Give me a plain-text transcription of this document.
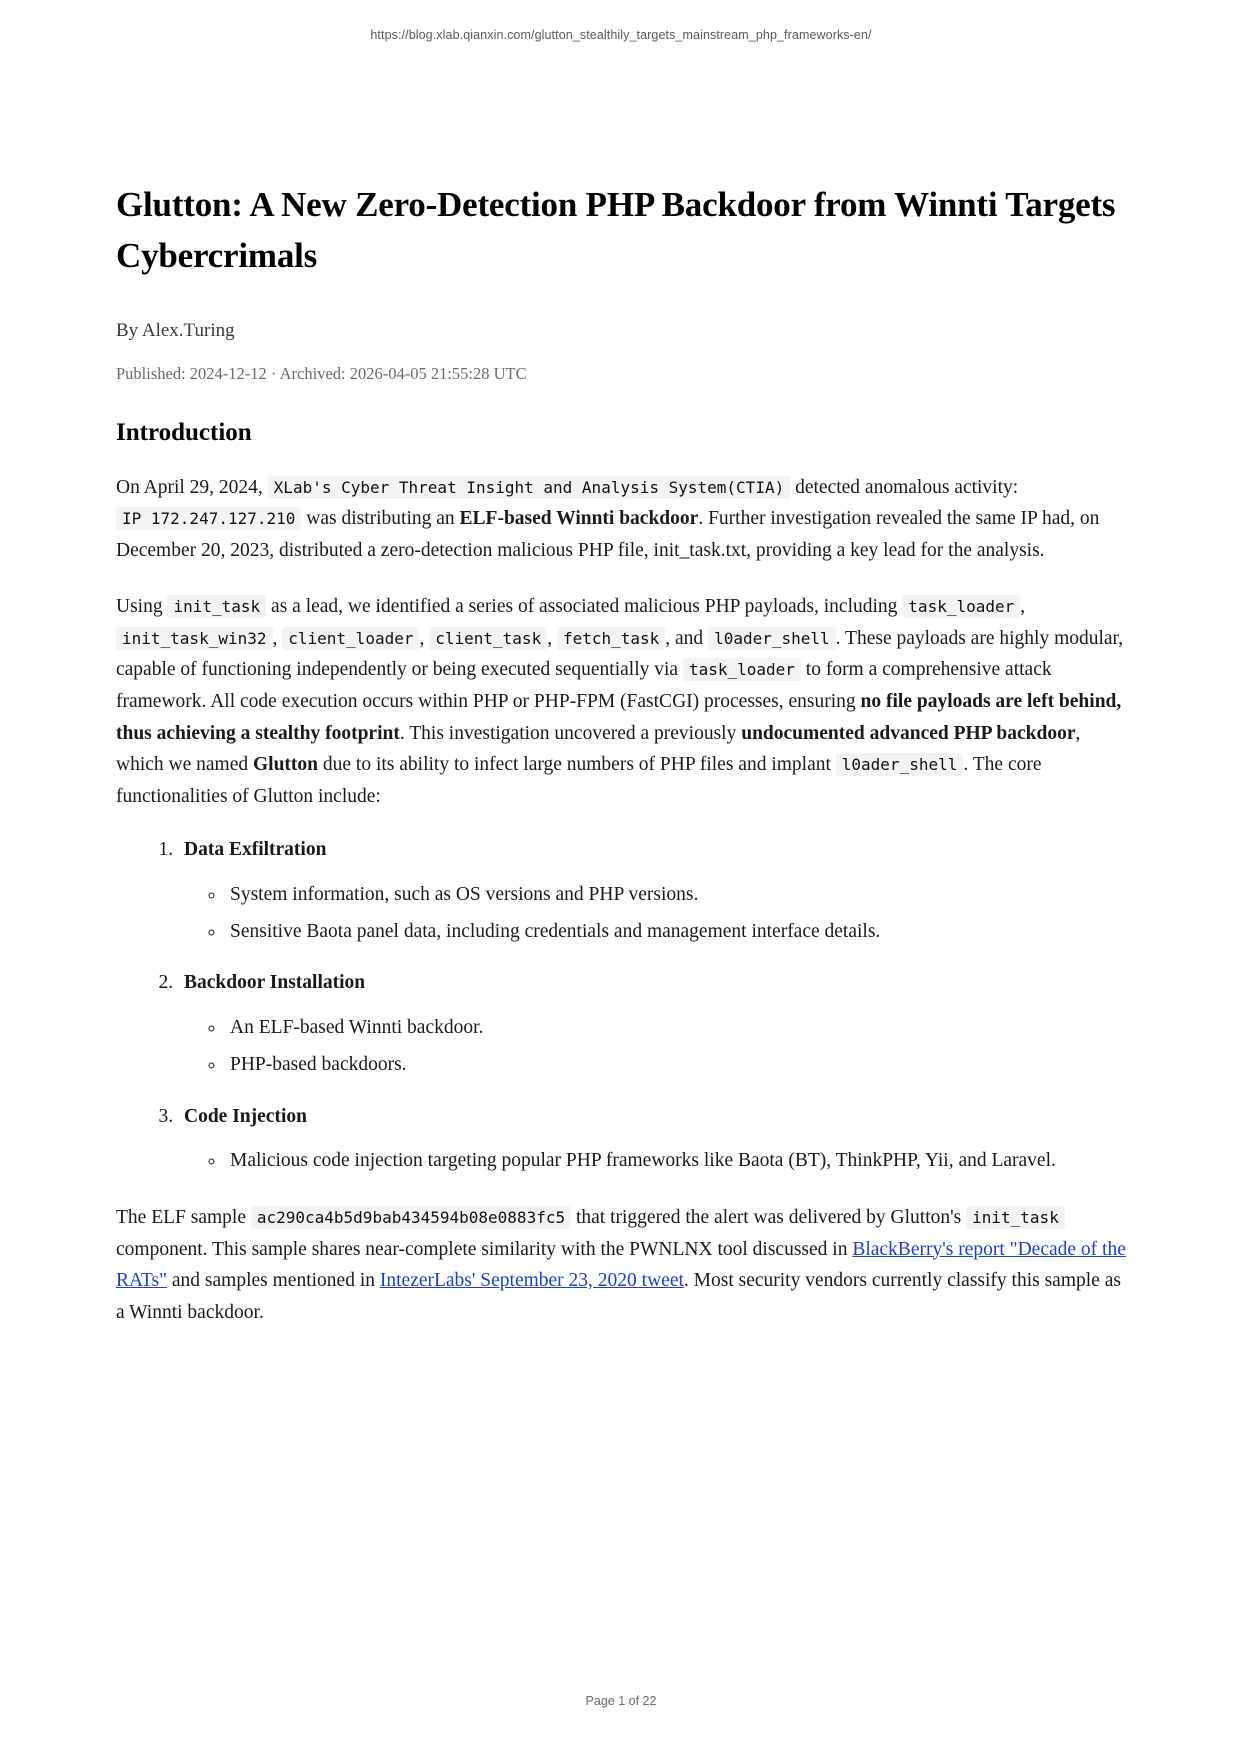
https://blog.xlab.qianxin.com/glutton_stealthily_targets_mainstream_php_frameworks-en/
Glutton: A New Zero-Detection PHP Backdoor from Winnti Targets Cybercrimals
By Alex.Turing
Published: 2024-12-12 · Archived: 2026-04-05 21:55:28 UTC
Introduction

On April 29, 2024, XLab's Cyber Threat Insight and Analysis System(CTIA) detected anomalous activity: IP 172.247.127.210 was distributing an ELF-based Winnti backdoor. Further investigation revealed the same IP had, on December 20, 2023, distributed a zero-detection malicious PHP file, init_task.txt, providing a key lead for the analysis.

Using init_task as a lead, we identified a series of associated malicious PHP payloads, including task_loader , init_task_win32 , client_loader , client_task , fetch_task , and l0ader_shell . These payloads are highly modular, capable of functioning independently or being executed sequentially via task_loader to form a comprehensive attack framework. All code execution occurs within PHP or PHP-FPM (FastCGI) processes, ensuring no file payloads are left behind, thus achieving a stealthy footprint. This investigation uncovered a previously undocumented advanced PHP backdoor, which we named Glutton due to its ability to infect large numbers of PHP files and implant l0ader_shell . The core functionalities of Glutton include:

1. Data Exfiltration
◦ System information, such as OS versions and PHP versions.
◦ Sensitive Baota panel data, including credentials and management interface details.
2. Backdoor Installation
◦ An ELF-based Winnti backdoor.
◦ PHP-based backdoors.
3. Code Injection
◦ Malicious code injection targeting popular PHP frameworks like Baota (BT), ThinkPHP, Yii, and Laravel.

The ELF sample ac290ca4b5d9bab434594b08e0883fc5 that triggered the alert was delivered by Glutton's init_task component. This sample shares near-complete similarity with the PWNLNX tool discussed in BlackBerry's report "Decade of the RATs" and samples mentioned in IntezerLabs' September 23, 2020 tweet. Most security vendors currently classify this sample as a Winnti backdoor.

Page 1 of 22
